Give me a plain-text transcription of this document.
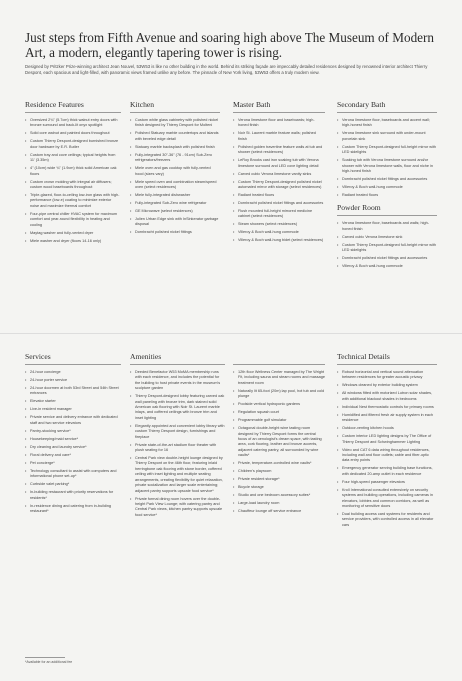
Just steps from Fifth Avenue and soaring high above The Museum of Modern Art, a modern, elegantly tapering tower is rising.
Designed by Pritzker Prize-winning architect Jean Nouvel, 53W53 is like no other building in the world. Behind its striking façade are impeccably detailed residences designed by renowned interior architect Thierry Despont, each spacious and light-filled, with panoramic views framed unlike any before. The pinnacle of New York living, 53W53 offers a truly modern view.
Residence Features
• Oversized 2¾" (5.7cm) thick walnut entry doors with bronze surround and back-lit onyx spotlight
• Solid core walnut and painted doors throughout
• Custom Thierry Despont-designed burnished bronze door hardware by E.R. Butler
• Custom tray and cove ceilings; typical heights from 11' (3.35m)
• 4" (10cm) wide ¾" (1.9cm) thick solid American oak floors
• Custom crown molding with integral air diffusers; custom wood baseboards throughout
• Triple-glazed, floor-to-ceiling low-iron glass with high-performance (low-e) coating to minimize exterior noise and maximize thermal comfort
• Four-pipe central chiller HVAC system for maximum comfort and year-round flexibility in heating and cooling
• Maytag washer and fully-vented dryer
• Miele washer and dryer (floors 14-16 only)
Kitchen
• Custom white glass cabinetry with polished nickel finish designed by Thierry Despont for Molteni
• Polished Statuary marble countertops and islands with beveled edge detail
• Statuary marble backsplash with polished finish
• Fully-integrated 30"-36" (76 - 91cm) Sub-Zero refrigerators/freezers
• Miele oven and gas cooktop with fully-vented hood (sizes vary)
• Miele speed oven and combination steam/speed oven (select residences)
• Miele fully-integrated dishwasher
• Fully-integrated Sub-Zero wine refrigerator
• GE Microwave (select residences)
• Julien Urban Edge sink with InSinkerator garbage disposal
• Dornbracht polished nickel fittings
Master Bath
• Verona limestone floor and baseboards; high-honed finish
• Noir St. Laurent marble feature walls; polished finish
• Polished golden travertine feature walls at tub and shower (select residences)
• LeRoy Brooks cast iron soaking tub with Verona limestone surround and LED cove lighting detail
• Carved cubic Verona limestone vanity sinks
• Custom Thierry Despont-designed polished nickel automated mirror with storage (select residences)
• Radiant heated floors
• Dornbracht polished nickel fittings and accessories
• Flush mounted full-height mirrored medicine cabinet (select residences)
• Steam showers (select residences)
• Villeroy & Boch wall-hung commode
• Villeroy & Boch wall-hung bidet (select residences)
Secondary Bath
• Verona limestone floor, baseboards and accent wall; high-honest finish
• Verona limestone sink surround with under-mount porcelain sink
• Custom Thierry Despont-designed full-height mirror with LED sidelights
• Soaking tub with Verona limestone surround and/or shower with Verona limestone walls, floor and niche in high-honed finish
• Dornbracht polished nickel fittings and accessories
• Villeroy & Boch wall-hung commode
• Radiant heated floors
Powder Room
• Verona limestone floor, baseboards and walls; high-honed finish
• Carved cubic Verona limestone sink
• Custom Thierry Despont-designed full-height mirror with LED sidelights
• Dornbracht polished nickel fittings and accessories
• Villeroy & Boch wall-hung commode
Services
• 24-hour concierge
• 24-hour porter service
• 24-hour doormen at both 53rd Street and 54th Street entrances
• Elevator starter
• Live-in resident manager
• Private service and delivery entrance with dedicated staff and two service elevators
• Pantry-stocking service*
• Housekeeping/maid service*
• Dry cleaning and laundry service*
• Floral delivery and care*
• Pet concierge*
• Technology consultant to assist with computers and informational phone set-up*
• Curbside valet parking*
• In-building restaurant with priority reservations for residents*
• In-residence dining and catering from in-building restaurant*
Amenities
• Deeded Benefactor W53 MoMA membership runs with each residence, and includes the potential for the building to host private events in the museum's sculpture garden
• Thierry Despont-designed lobby featuring carved oak wall paneling with bronze trim, dark stained solid American oak flooring with Noir St. Laurent marble inlays, and coffered ceilings with bronze trim and inset lighting
• Elegantly appointed and convenient lobby library with custom Thierry Despont design, furnishings and fireplace
• Private state-of-the-art stadium floor theater with plush seating for 16
• Central Park view double-height lounge designed by Thierry Despont on the 46th floor, featuring inlaid herringbone oak flooring with stone border, coffered ceiling with inset lighting and multiple seating arrangements, creating flexibility for quiet relaxation, private socialization and larger scale entertaining; adjacent pantry supports upscale food service*
• Private formal dining room hovers over the double-height Park View Lounge; with catering pantry and Central Park views, kitchen pantry supports upscale food service*

• 12th floor Wellness Center managed by The Wright Fit, including sauna and steam rooms and massage treatment room
• Naturally lit 65-foot (20m) lap pool, hot tub and cold plunge
• Poolside vertical hydroponic gardens
• Regulation squash court
• Programmable golf simulator
• Octagonal double-height wine tasting room designed by Thierry Despont forms the central focus of an oenologist's dream space, with tasting area, cork flooring, leather and bronze accents, adjacent catering pantry, all surrounded by wine vaults*
• Private, temperature-controlled wine vaults*
• Children's playroom
• Private resident storage*
• Bicycle storage
• Studio and one bedroom accessory suites*
• Large-load laundry room
• Chauffeur lounge off service entrance
Technical Details
• Robust horizontal and vertical sound attenuation between residences for greater acoustic privacy
• Windows cleaned by exterior building system
• All windows fitted with motorized Lutron solar shades, with additional blackout shades in bedrooms
• Individual Nest thermostatic controls for primary rooms
• Humidified and filtered fresh air supply system in each residence
• Outdoor-venting kitchen hoods
• Custom interior LED lighting designs by The Office of Thierry Despont and Schwinghammer Lighting
• Video and CAT 6 data wiring throughout residences, including wall and floor outlets; cable and fiber-optic data entry points
• Emergency generator serving building base functions, with dedicated 20-amp outlet in each residence
• Four high-speed passenger elevators
• Kroll International consulted extensively on security systems and building operations, including cameras in elevators, lobbies and common corridors, as well as monitoring of sensitive doors
• Dual building access card systems for residents and service providers, with controlled access in all elevator cars
*Available for an additional fee
